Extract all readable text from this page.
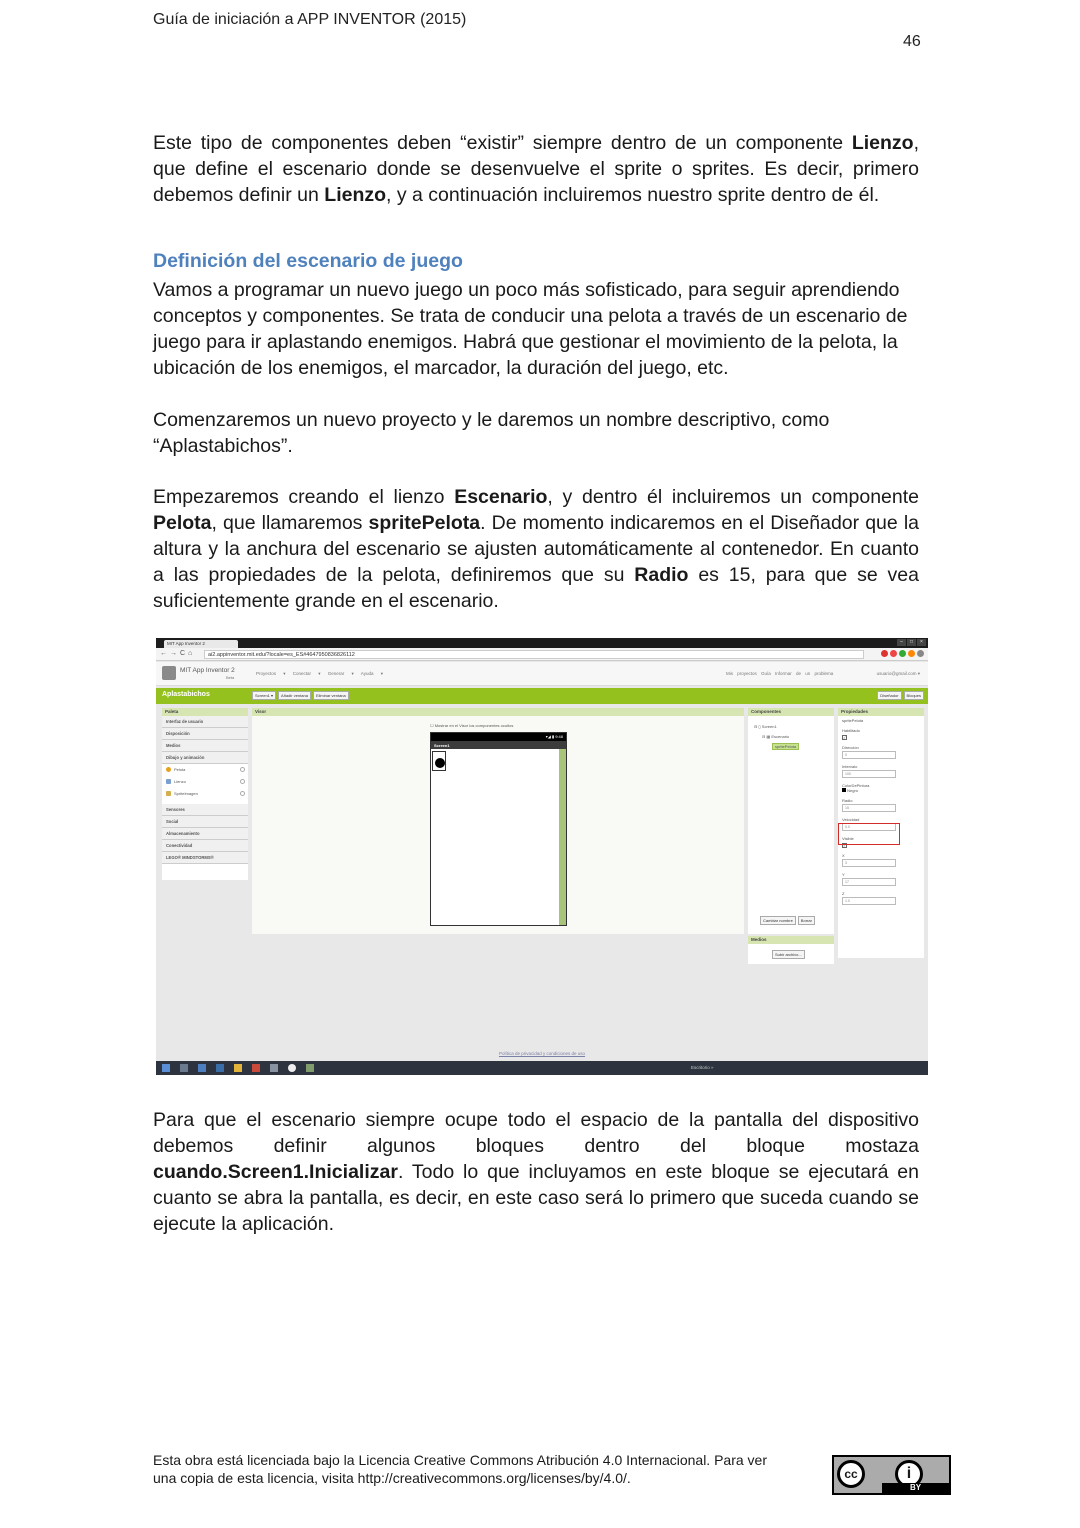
Guía de iniciación a APP INVENTOR (2015)
46

Este tipo de componentes deben “existir” siempre dentro de un componente Lienzo, que define el escenario donde se desenvuelve el sprite o sprites. Es decir, primero debemos definir un Lienzo, y a continuación incluiremos nuestro sprite dentro de él.

Definición del escenario de juego

Vamos a programar un nuevo juego un poco más sofisticado, para seguir aprendiendo conceptos y componentes. Se trata de conducir una pelota a través de un escenario de juego para ir aplastando enemigos. Habrá que gestionar el movimiento de la pelota, la ubicación de los enemigos, el marcador, la duración del juego, etc.

Comenzaremos un nuevo proyecto y le daremos un nombre descriptivo, como “Aplastabichos”.

Empezaremos creando el lienzo Escenario, y dentro él incluiremos un componente Pelota, que llamaremos spritePelota. De momento indicaremos en el Diseñador que la altura y la anchura del escenario se ajusten automáticamente al contenedor. En cuanto a las propiedades de la pelota, definiremos que su Radio es 15, para que se vea suficientemente grande en el escenario.

MIT App Inventor 2	–	□	×
←→C⌂	ai2.appinventor.mit.edu/?locale=es_ES#4647950836826112
MIT App Inventor 2
Beta
Proyectos ▾ Conectar ▾ Generar ▾ Ayuda ▾	Mis proyectos Guía Informar de un problema	usuario@gmail.com ▾
Aplastabichos	Screen1 ▾	Añadir ventana	Eliminar ventana	Diseñador	Bloques
Paleta
Interfaz de usuario
Disposición
Medios
Dibujo y animación
Pelota
Lienzo
SpriteImagen
Sensores
Social
Almacenamiento
Conectividad
LEGO® MINDSTORMS®
Visor
☐ Mostrar en el Visor los componentes ocultos
▾◢ ▮ 9:48
Screen1
Componentes
⊟ ▯ Screen1
⊟ ▦ Escenario
spritePelota
Cambiar nombre	Borrar
Medios
Subir archivo...
Propiedades
spritePelota
Habilitado
✓
Dirección
0
Intervalo
100
ColorDePintura
Negro
Radio
15
Velocidad
0.0
Visible
✓
X
3
Y
17
Z
1.0
Política de privacidad y condiciones de uso
Escritorio »

Para que el escenario siempre ocupe todo el espacio de la pantalla del dispositivo debemos definir algunos bloques dentro del bloque mostaza cuando.Screen1.Inicializar. Todo lo que incluyamos en este bloque se ejecutará en cuanto se abra la pantalla, es decir, en este caso será lo primero que suceda cuando se ejecute la aplicación.

Esta obra está licenciada bajo la Licencia Creative Commons Atribución 4.0 Internacional. Para ver una copia de esta licencia, visita http://creativecommons.org/licenses/by/4.0/.	cc	i
BY
